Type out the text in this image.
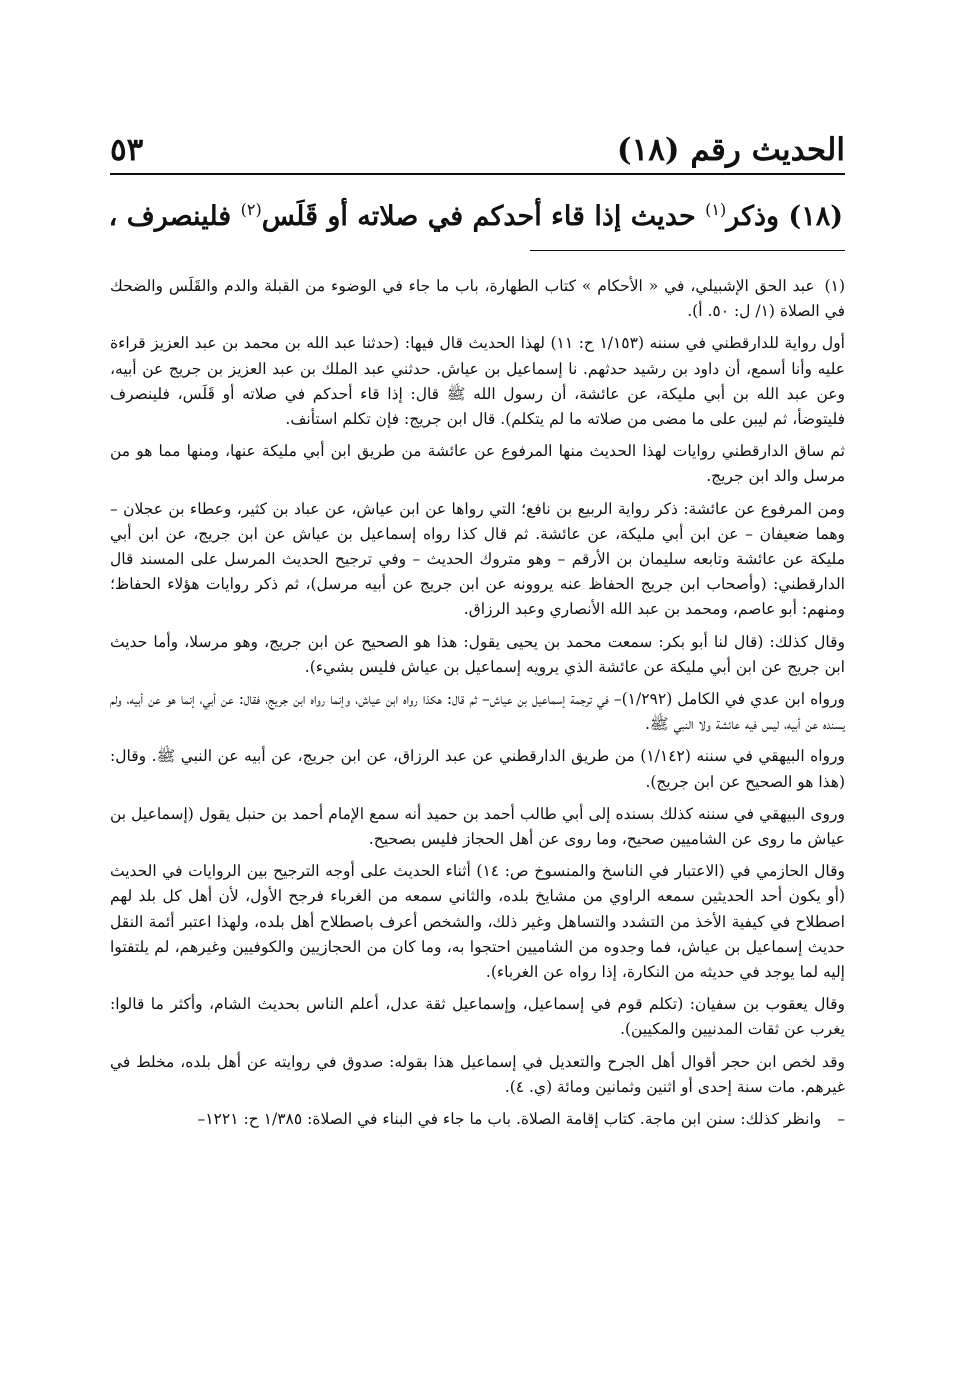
الحديث رقم (١٨)
٥٣
(١٨) وذكر$^{(١)}$ حديث إذا قاء أحدكم في صلاته أو قَلَس$^{(٢)}$ فلينصرف ،

(١) عبد الحق الإشبيلي، في « الأحكام » كتاب الطهارة، باب ما جاء في الوضوء من القبلة والدم والقَلَس والضحك في الصلاة (١/ ل: ٥٠. أ).

أول رواية للدارقطني في سننه (١/١٥٣ ح: ١١) لهذا الحديث قال فيها: (حدثنا عبد الله بن محمد بن عبد العزيز قراءة عليه وأنا أسمع، أن داود بن رشيد حدثهم. نا إسماعيل بن عياش. حدثني عبد الملك بن عبد العزيز بن جريج عن أبيه، وعن عبد الله بن أبي مليكة، عن عائشة، أن رسول الله ﷺ قال: إذا قاء أحدكم في صلاته أو قَلَس، فلينصرف فليتوضأ، ثم ليبن على ما مضى من صلاته ما لم يتكلم). قال ابن جريج: فإن تكلم استأنف.

ثم ساق الدارقطني روايات لهذا الحديث منها المرفوع عن عائشة من طريق ابن أبي مليكة عنها، ومنها مما هو من مرسل والد ابن جريج.

ومن المرفوع عن عائشة: ذكر رواية الربيع بن نافع؛ التي رواها عن ابن عياش، عن عباد بن كثير، وعطاء بن عجلان – وهما ضعيفان – عن ابن أبي مليكة، عن عائشة. ثم قال كذا رواه إسماعيل بن عياش عن ابن جريج، عن ابن أبي مليكة عن عائشة وتابعه سليمان بن الأرقم – وهو متروك الحديث – وفي ترجيح الحديث المرسل على المسند قال الدارقطني: (وأصحاب ابن جريج الحفاظ عنه يروونه عن ابن جريج عن أبيه مرسل)، ثم ذكر روايات هؤلاء الحفاظ؛ ومنهم: أبو عاصم، ومحمد بن عبد الله الأنصاري وعبد الرزاق.

وقال كذلك: (قال لنا أبو بكر: سمعت محمد بن يحيى يقول: هذا هو الصحيح عن ابن جريج، وهو مرسلا، وأما حديث ابن جريج عن ابن أبي مليكة عن عائشة الذي يرويه إسماعيل بن عياش فليس بشيء).

ورواه ابن عدي في الكامل (١/٢٩٢)– في ترجمة إسماعيل بن عياش– ثم قال: هكذا رواه ابن عياش، وإنما رواه ابن جريج، فقال: عن أبي، إنما هو عن أبيه، ولم يسنده عن أبيه، ليس فيه عائشة ولا النبي ﷺ.

ورواه البيهقي في سننه (١/١٤٢) من طريق الدارقطني عن عبد الرزاق، عن ابن جريج، عن أبيه عن النبي ﷺ. وقال: (هذا هو الصحيح عن ابن جريج).

وروى البيهقي في سننه كذلك بسنده إلى أبي طالب أحمد بن حميد أنه سمع الإمام أحمد بن حنبل يقول (إسماعيل بن عياش ما روى عن الشاميين صحيح، وما روى عن أهل الحجاز فليس بصحيح.

وقال الحازمي في (الاعتبار في الناسخ والمنسوخ ص: ١٤) أثناء الحديث على أوجه الترجيح بين الروايات في الحديث (أو يكون أحد الحديثين سمعه الراوي من مشايخ بلده، والثاني سمعه من الغرباء فرجح الأول، لأن أهل كل بلد لهم اصطلاح في كيفية الأخذ من التشدد والتساهل وغير ذلك، والشخص أعرف باصطلاح أهل بلده، ولهذا اعتبر أئمة النقل حديث إسماعيل بن عياش، فما وجدوه من الشاميين احتجوا به، وما كان من الحجازيين والكوفيين وغيرهم، لم يلتفتوا إليه لما يوجد في حديثه من النكارة، إذا رواه عن الغرباء).

وقال يعقوب بن سفيان: (تكلم قوم في إسماعيل، وإسماعيل ثقة عدل، أعلم الناس بحديث الشام، وأكثر ما قالوا: يغرب عن ثقات المدنيين والمكيين).

وقد لخص ابن حجر أقوال أهل الجرح والتعديل في إسماعيل هذا بقوله: صدوق في روايته عن أهل بلده، مخلط في غيرهم. مات سنة إحدى أو اثنين وثمانين ومائة (ي. ٤).

–
وانظر كذلك: سنن ابن ماجة. كتاب إقامة الصلاة. باب ما جاء في البناء في الصلاة: ١/٣٨٥ ح: ١٢٢١–
